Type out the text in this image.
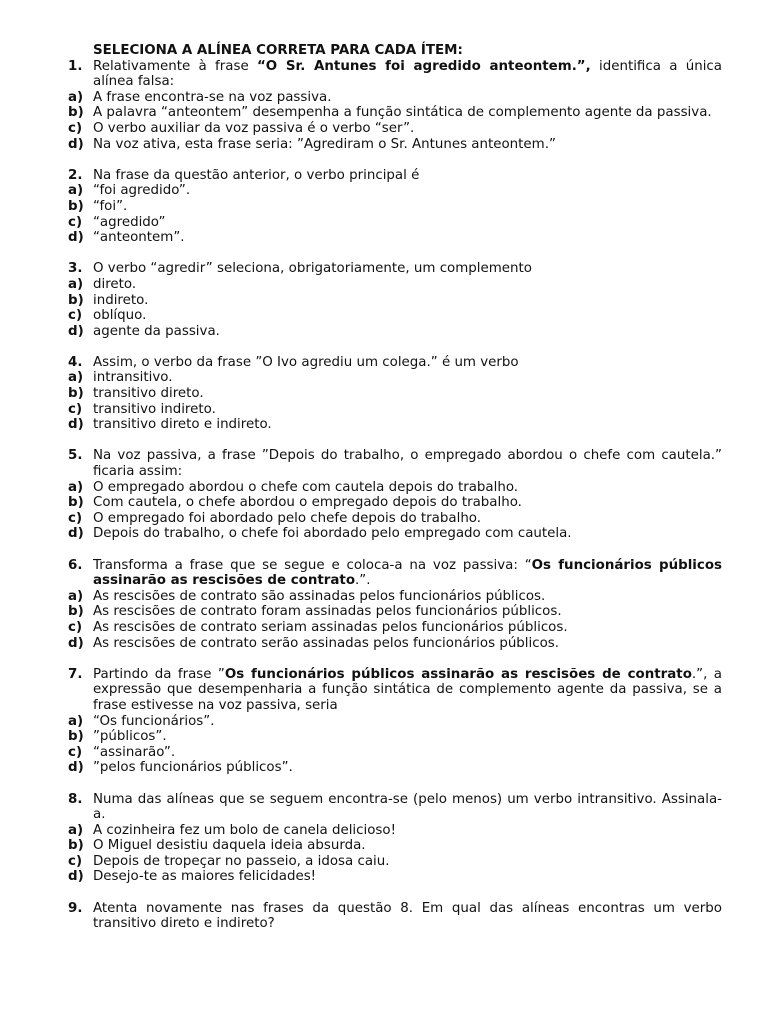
SELECIONA A ALÍNEA CORRETA PARA CADA ÍTEM:
1. Relativamente à frase “O Sr. Antunes foi agredido anteontem.”, identifica a única alínea falsa:
a) A frase encontra-se na voz passiva.
b) A palavra “anteontem” desempenha a função sintática de complemento agente da passiva.
c) O verbo auxiliar da voz passiva é o verbo “ser”.
d) Na voz ativa, esta frase seria: ”Agrediram o Sr. Antunes anteontem.”
2. Na frase da questão anterior, o verbo principal é
a) “foi agredido”.
b) “foi”.
c) “agredido”
d) “anteontem”.
3. O verbo “agredir” seleciona, obrigatoriamente, um complemento
a) direto.
b) indireto.
c) oblíquo.
d) agente da passiva.
4. Assim, o verbo da frase ”O Ivo agrediu um colega.” é um verbo
a) intransitivo.
b) transitivo direto.
c) transitivo indireto.
d) transitivo direto e indireto.
5. Na voz passiva, a frase ”Depois do trabalho, o empregado abordou o chefe com cautela.” ficaria assim:
a) O empregado abordou o chefe com cautela depois do trabalho.
b) Com cautela, o chefe abordou o empregado depois do trabalho.
c) O empregado foi abordado pelo chefe depois do trabalho.
d) Depois do trabalho, o chefe foi abordado pelo empregado com cautela.
6. Transforma a frase que se segue e coloca-a na voz passiva: “Os funcionários públicos assinarão as rescisões de contrato.”.
a) As rescisões de contrato são assinadas pelos funcionários públicos.
b) As rescisões de contrato foram assinadas pelos funcionários públicos.
c) As rescisões de contrato seriam assinadas pelos funcionários públicos.
d) As rescisões de contrato serão assinadas pelos funcionários públicos.
7. Partindo da frase ”Os funcionários públicos assinarão as rescisões de contrato.”, a expressão que desempenharia a função sintática de complemento agente da passiva, se a frase estivesse na voz passiva, seria
a) “Os funcionários”.
b) ”públicos”.
c) “assinarão”.
d) ”pelos funcionários públicos”.
8. Numa das alíneas que se seguem encontra-se (pelo menos) um verbo intransitivo. Assinala-a.
a) A cozinheira fez um bolo de canela delicioso!
b) O Miguel desistiu daquela ideia absurda.
c) Depois de tropeçar no passeio, a idosa caiu.
d) Desejo-te as maiores felicidades!
9. Atenta novamente nas frases da questão 8. Em qual das alíneas encontras um verbo transitivo direto e indireto?
